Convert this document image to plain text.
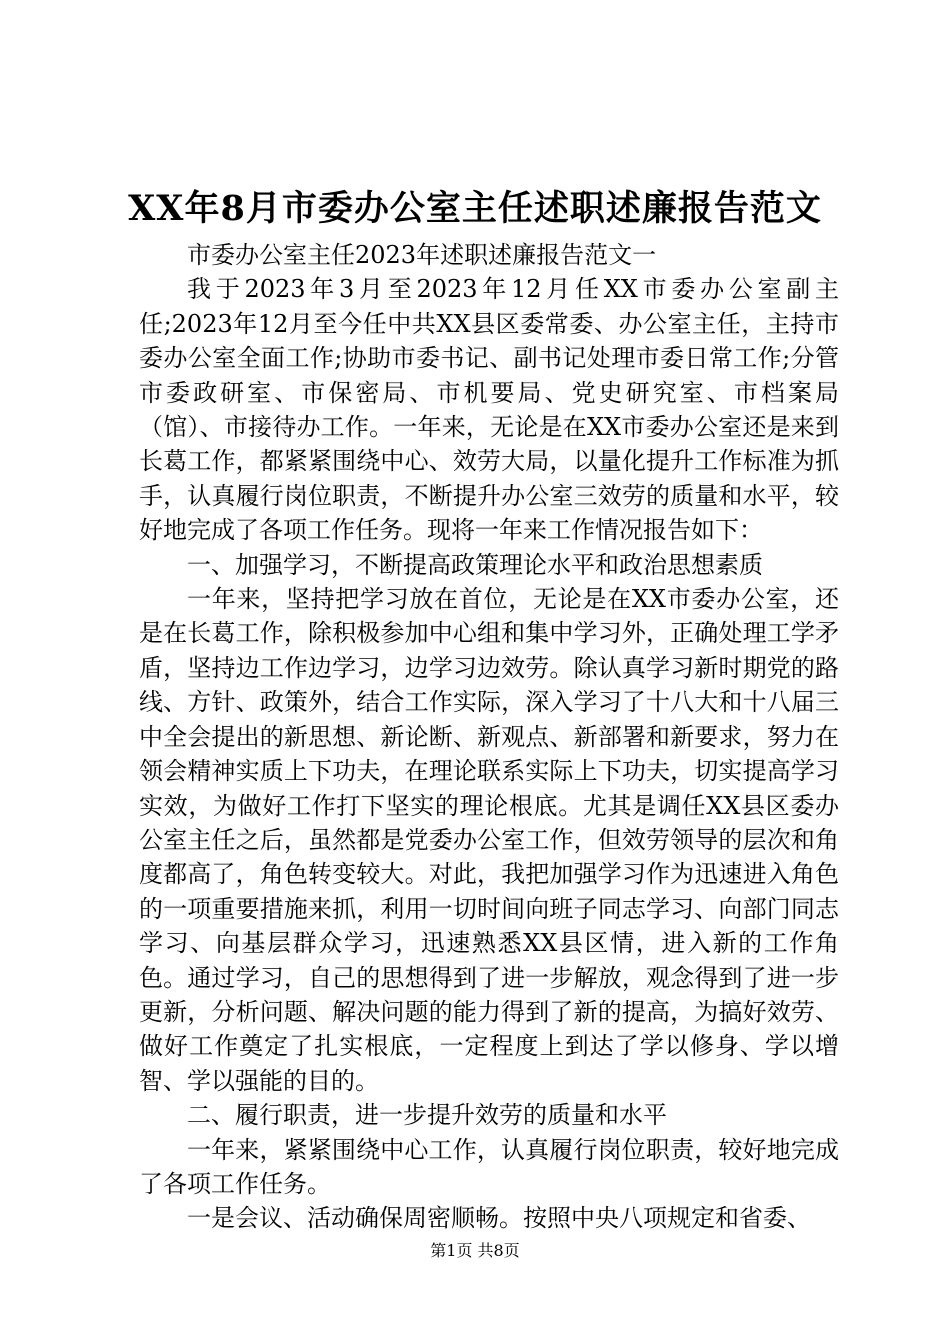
XX年8月市委办公室主任述职述廉报告范文

市委办公室主任2023年述职述廉报告范文一

我于2023年3月至2023年12月任XX市委办公室副主任;2023年12月至今任中共XX县区委常委、办公室主任，主持市委办公室全面工作;协助市委书记、副书记处理市委日常工作;分管市委政研室、市保密局、市机要局、党史研究室、市档案局（馆）、市接待办工作。一年来，无论是在XX市委办公室还是来到长葛工作，都紧紧围绕中心、效劳大局，以量化提升工作标准为抓手，认真履行岗位职责，不断提升办公室三效劳的质量和水平，较好地完成了各项工作任务。现将一年来工作情况报告如下：

一、加强学习，不断提高政策理论水平和政治思想素质

一年来，坚持把学习放在首位，无论是在XX市委办公室，还是在长葛工作，除积极参加中心组和集中学习外，正确处理工学矛盾，坚持边工作边学习，边学习边效劳。除认真学习新时期党的路线、方针、政策外，结合工作实际，深入学习了十八大和十八届三中全会提出的新思想、新论断、新观点、新部署和新要求，努力在领会精神实质上下功夫，在理论联系实际上下功夫，切实提高学习实效，为做好工作打下坚实的理论根底。尤其是调任XX县区委办公室主任之后，虽然都是党委办公室工作，但效劳领导的层次和角度都高了，角色转变较大。对此，我把加强学习作为迅速进入角色的一项重要措施来抓，利用一切时间向班子同志学习、向部门同志学习、向基层群众学习，迅速熟悉XX县区情，进入新的工作角色。通过学习，自己的思想得到了进一步解放，观念得到了进一步更新，分析问题、解决问题的能力得到了新的提高，为搞好效劳、做好工作奠定了扎实根底，一定程度上到达了学以修身、学以增智、学以强能的目的。

二、履行职责，进一步提升效劳的质量和水平

一年来，紧紧围绕中心工作，认真履行岗位职责，较好地完成了各项工作任务。

一是会议、活动确保周密顺畅。按照中央八项规定和省委、

第1页 共8页
